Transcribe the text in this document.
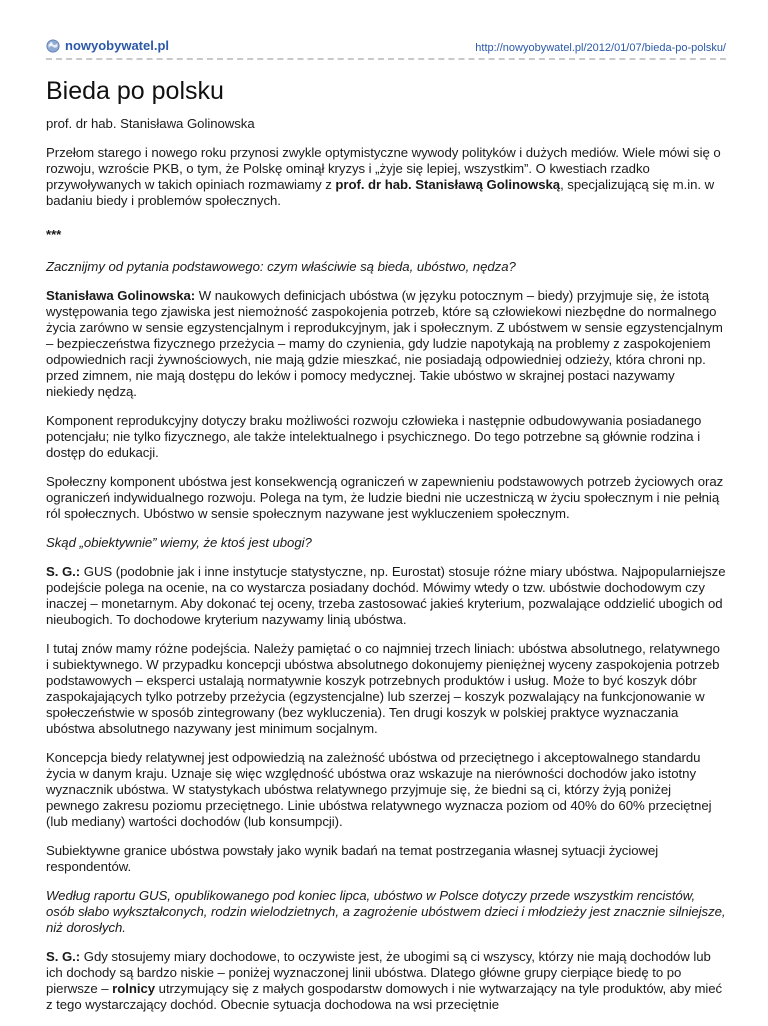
nowyobywatel.pl	http://nowyobywatel.pl/2012/01/07/bieda-po-polsku/
Bieda po polsku

prof. dr hab. Stanisława Golinowska

Przełom starego i nowego roku przynosi zwykle optymistyczne wywody polityków i dużych mediów. Wiele mówi się o rozwoju, wzroście PKB, o tym, że Polskę ominął kryzys i „żyje się lepiej, wszystkim”. O kwestiach rzadko przywoływanych w takich opiniach rozmawiamy z prof. dr hab. Stanisławą Golinowską, specjalizującą się m.in. w badaniu biedy i problemów społecznych.

***

Zacznijmy od pytania podstawowego: czym właściwie są bieda, ubóstwo, nędza?

Stanisława Golinowska: W naukowych definicjach ubóstwa (w języku potocznym – biedy) przyjmuje się, że istotą występowania tego zjawiska jest niemożność zaspokojenia potrzeb, które są człowiekowi niezbędne do normalnego życia zarówno w sensie egzystencjalnym i reprodukcyjnym, jak i społecznym. Z ubóstwem w sensie egzystencjalnym – bezpieczeństwa fizycznego przeżycia – mamy do czynienia, gdy ludzie napotykają na problemy z zaspokojeniem odpowiednich racji żywnościowych, nie mają gdzie mieszkać, nie posiadają odpowiedniej odzieży, która chroni np. przed zimnem, nie mają dostępu do leków i pomocy medycznej. Takie ubóstwo w skrajnej postaci nazywamy niekiedy nędzą.

Komponent reprodukcyjny dotyczy braku możliwości rozwoju człowieka i następnie odbudowywania posiadanego potencjału; nie tylko fizycznego, ale także intelektualnego i psychicznego. Do tego potrzebne są głównie rodzina i dostęp do edukacji.

Społeczny komponent ubóstwa jest konsekwencją ograniczeń w zapewnieniu podstawowych potrzeb życiowych oraz ograniczeń indywidualnego rozwoju. Polega na tym, że ludzie biedni nie uczestniczą w życiu społecznym i nie pełnią ról społecznych. Ubóstwo w sensie społecznym nazywane jest wykluczeniem społecznym.

Skąd „obiektywnie” wiemy, że ktoś jest ubogi?

S. G.: GUS (podobnie jak i inne instytucje statystyczne, np. Eurostat) stosuje różne miary ubóstwa. Najpopularniejsze podejście polega na ocenie, na co wystarcza posiadany dochód. Mówimy wtedy o tzw. ubóstwie dochodowym czy inaczej – monetarnym. Aby dokonać tej oceny, trzeba zastosować jakieś kryterium, pozwalające oddzielić ubogich od nieubogich. To dochodowe kryterium nazywamy linią ubóstwa.

I tutaj znów mamy różne podejścia. Należy pamiętać o co najmniej trzech liniach: ubóstwa absolutnego, relatywnego i subiektywnego. W przypadku koncepcji ubóstwa absolutnego dokonujemy pieniężnej wyceny zaspokojenia potrzeb podstawowych – eksperci ustalają normatywnie koszyk potrzebnych produktów i usług. Może to być koszyk dóbr zaspokajających tylko potrzeby przeżycia (egzystencjalne) lub szerzej – koszyk pozwalający na funkcjonowanie w społeczeństwie w sposób zintegrowany (bez wykluczenia). Ten drugi koszyk w polskiej praktyce wyznaczania ubóstwa absolutnego nazywany jest minimum socjalnym.

Koncepcja biedy relatywnej jest odpowiedzią na zależność ubóstwa od przeciętnego i akceptowalnego standardu życia w danym kraju. Uznaje się więc względność ubóstwa oraz wskazuje na nierówności dochodów jako istotny wyznacznik ubóstwa. W statystykach ubóstwa relatywnego przyjmuje się, że biedni są ci, którzy żyją poniżej pewnego zakresu poziomu przeciętnego. Linie ubóstwa relatywnego wyznacza poziom od 40% do 60% przeciętnej (lub mediany) wartości dochodów (lub konsumpcji).

Subiektywne granice ubóstwa powstały jako wynik badań na temat postrzegania własnej sytuacji życiowej respondentów.

Według raportu GUS, opublikowanego pod koniec lipca, ubóstwo w Polsce dotyczy przede wszystkim rencistów, osób słabo wykształconych, rodzin wielodzietnych, a zagrożenie ubóstwem dzieci i młodzieży jest znacznie silniejsze, niż dorosłych.

S. G.: Gdy stosujemy miary dochodowe, to oczywiste jest, że ubogimi są ci wszyscy, którzy nie mają dochodów lub ich dochody są bardzo niskie – poniżej wyznaczonej linii ubóstwa. Dlatego główne grupy cierpiące biedę to po pierwsze – rolnicy utrzymujący się z małych gospodarstw domowych i nie wytwarzający na tyle produktów, aby mieć z tego wystarczający dochód. Obecnie sytuacja dochodowa na wsi przeciętnie
